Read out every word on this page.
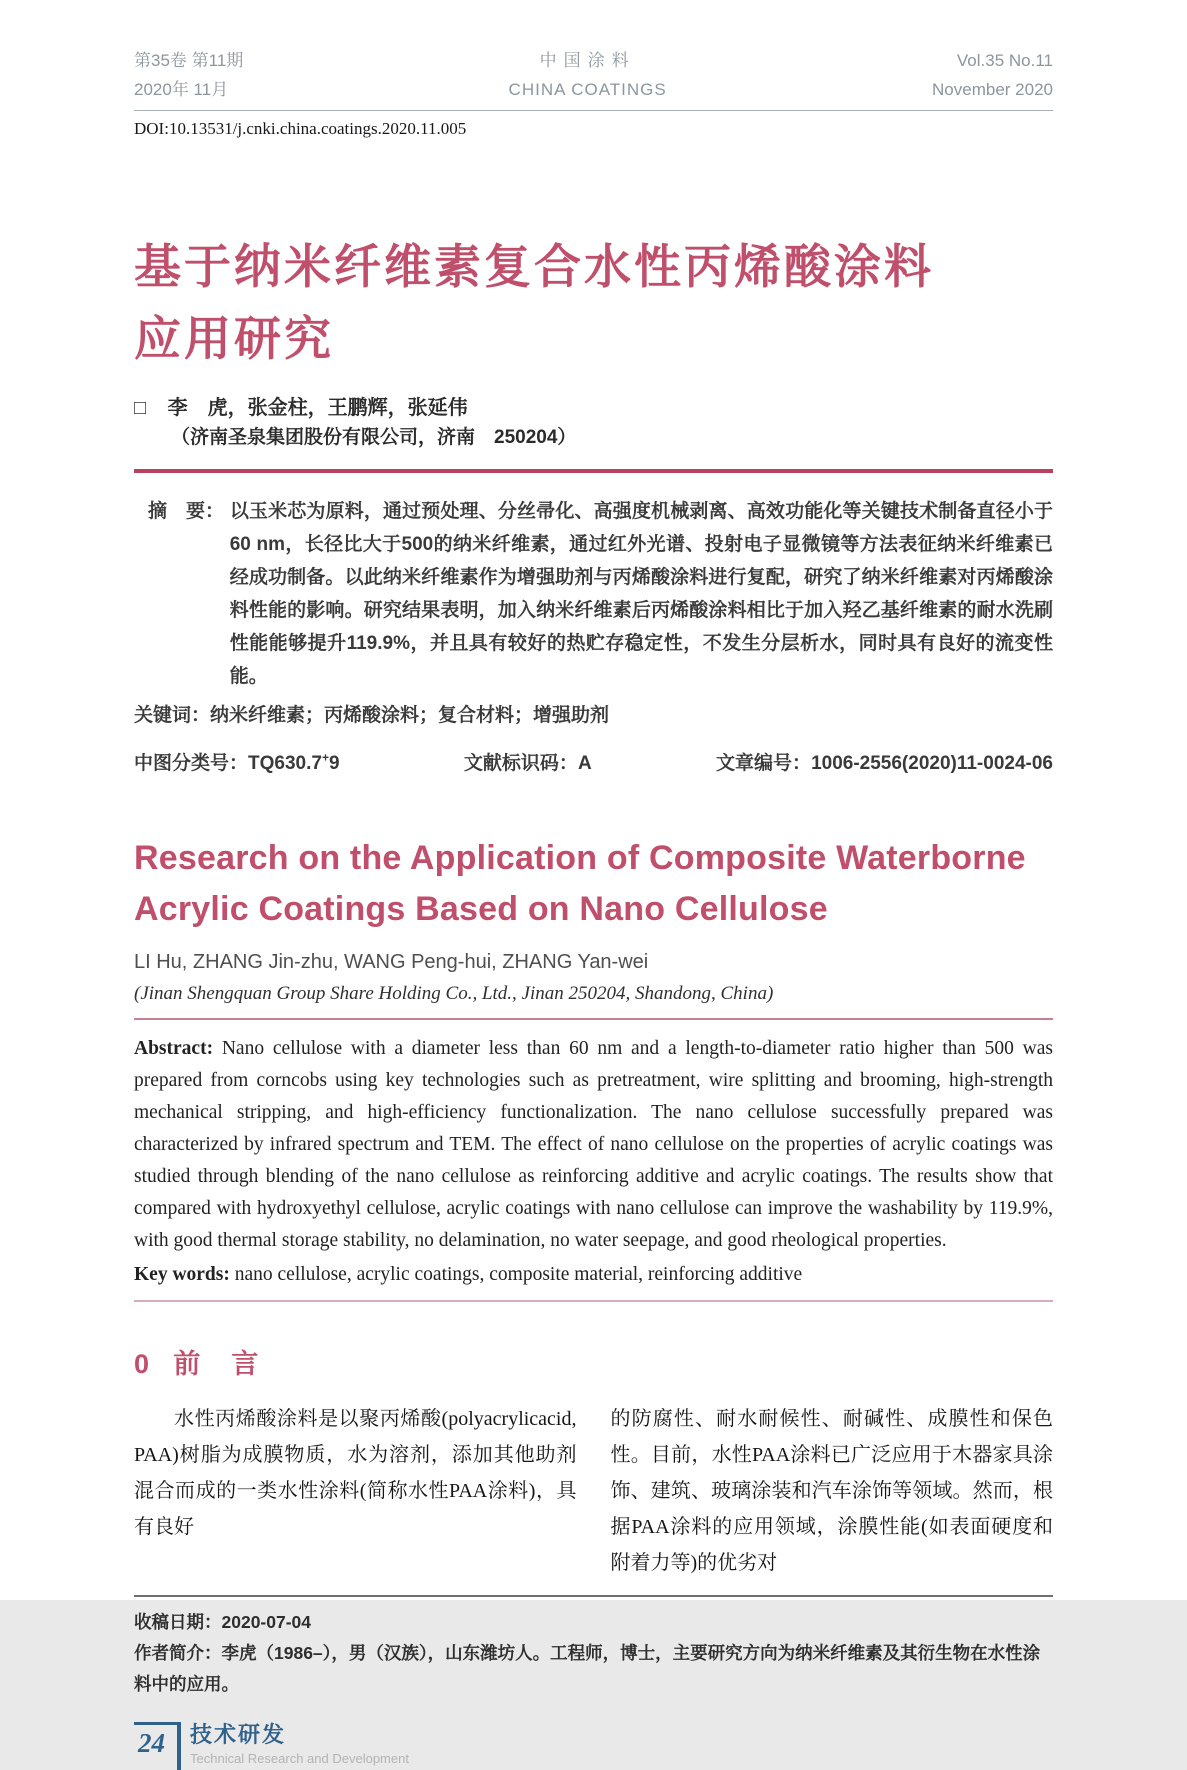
第35卷 第11期
2020年 11月
中国涂料
CHINA COATINGS
Vol.35 No.11
November 2020
DOI:10.13531/j.cnki.china.coatings.2020.11.005
基于纳米纤维素复合水性丙烯酸涂料
应用研究
□ 李　虎，张金柱，王鹏辉，张延伟
（济南圣泉集团股份有限公司，济南　250204）

摘　要： 以玉米芯为原料，通过预处理、分丝帚化、高强度机械剥离、高效功能化等关键技术制备直径小于60 nm，长径比大于500的纳米纤维素，通过红外光谱、投射电子显微镜等方法表征纳米纤维素已经成功制备。以此纳米纤维素作为增强助剂与丙烯酸涂料进行复配，研究了纳米纤维素对丙烯酸涂料性能的影响。研究结果表明，加入纳米纤维素后丙烯酸涂料相比于加入羟乙基纤维素的耐水洗刷性能能够提升119.9%，并且具有较好的热贮存稳定性，不发生分层析水，同时具有良好的流变性能。

关键词：纳米纤维素；丙烯酸涂料；复合材料；增强助剂

中图分类号：TQ630.7+9	文献标识码：A	文章编号：1006-2556(2020)11-0024-06
Research on the Application of Composite Waterborne
Acrylic Coatings Based on Nano Cellulose
LI Hu, ZHANG Jin-zhu, WANG Peng-hui, ZHANG Yan-wei
(Jinan Shengquan Group Share Holding Co., Ltd., Jinan 250204, Shandong, China)

Abstract: Nano cellulose with a diameter less than 60 nm and a length-to-diameter ratio higher than 500 was prepared from corncobs using key technologies such as pretreatment, wire splitting and brooming, high-strength mechanical stripping, and high-efficiency functionalization. The nano cellulose successfully prepared was characterized by infrared spectrum and TEM. The effect of nano cellulose on the properties of acrylic coatings was studied through blending of the nano cellulose as reinforcing additive and acrylic coatings. The results show that compared with hydroxyethyl cellulose, acrylic coatings with nano cellulose can improve the washability by 119.9%, with good thermal storage stability, no delamination, no water seepage, and good rheological properties.

Key words: nano cellulose, acrylic coatings, composite material, reinforcing additive

0 前　言

水性丙烯酸涂料是以聚丙烯酸(polyacrylicacid, PAA)树脂为成膜物质，水为溶剂，添加其他助剂混合而成的一类水性涂料(简称水性PAA涂料)，具有良好

的防腐性、耐水耐候性、耐碱性、成膜性和保色性。目前，水性PAA涂料已广泛应用于木器家具涂饰、建筑、玻璃涂装和汽车涂饰等领域。然而，根据PAA涂料的应用领域，涂膜性能(如表面硬度和附着力等)的优劣对

收稿日期：2020-07-04
作者简介：李虎（1986–），男（汉族），山东潍坊人。工程师，博士，主要研究方向为纳米纤维素及其衍生物在水性涂料中的应用。
24	技术研发
Technical Research and Development
